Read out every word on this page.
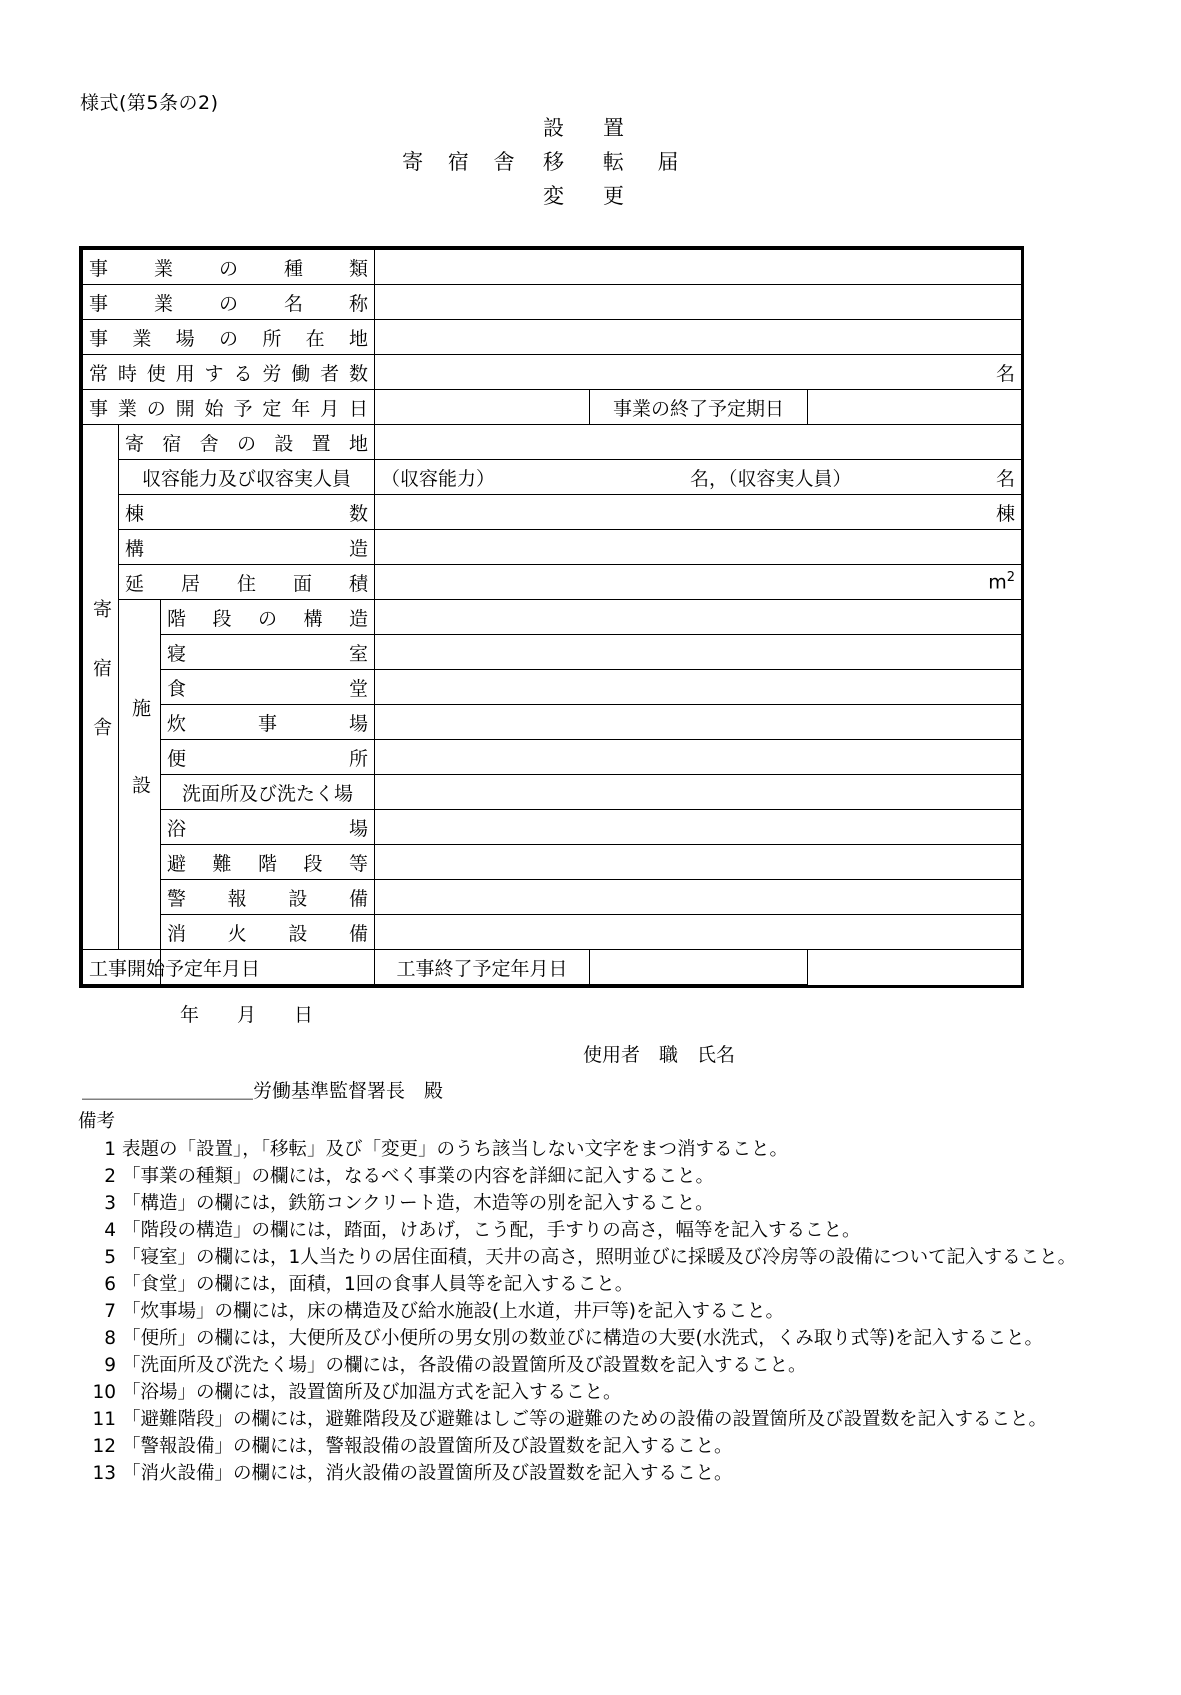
様式(第5条の2)
設　置
寄 宿 舎 移　転	届
変　更
事業の種類					
事業の名称					
事業場の所在地					
常時使用する労働者数			名		
事業の開始予定年月日				事業の終了予定期日	

寄宿舎	寄宿舎の設置地				
	収容能力及び収容実人員		（収容能力） 名，（収容実人員） 名		

	棟数		棟		
	構造				
	延居住面積		$m^2$

	施設	階段の構造			
		寝室			
		食堂			
		炊事場			
		便所			
		洗面所及び洗たく場			
		浴場			
		避難階段等			
		警報設備			
		消火設備			
工事開始予定年月日			工事終了予定年月日		
年　　月　　日
使用者　職　氏名
＿＿＿＿＿＿＿＿＿労働基準監督署長　殿
備考
1 表題の「設置」，「移転」及び「変更」のうち該当しない文字をまつ消すること。
2 「事業の種類」の欄には，なるべく事業の内容を詳細に記入すること。
3 「構造」の欄には，鉄筋コンクリート造，木造等の別を記入すること。
4 「階段の構造」の欄には，踏面，けあげ，こう配，手すりの高さ，幅等を記入すること。
5 「寝室」の欄には，1人当たりの居住面積，天井の高さ，照明並びに採暖及び冷房等の設備について記入すること。
6 「食堂」の欄には，面積，1回の食事人員等を記入すること。
7 「炊事場」の欄には，床の構造及び給水施設(上水道，井戸等)を記入すること。
8 「便所」の欄には，大便所及び小便所の男女別の数並びに構造の大要(水洗式，くみ取り式等)を記入すること。
9 「洗面所及び洗たく場」の欄には，各設備の設置箇所及び設置数を記入すること。
10 「浴場」の欄には，設置箇所及び加温方式を記入すること。
11 「避難階段」の欄には，避難階段及び避難はしご等の避難のための設備の設置箇所及び設置数を記入すること。
12 「警報設備」の欄には，警報設備の設置箇所及び設置数を記入すること。
13 「消火設備」の欄には，消火設備の設置箇所及び設置数を記入すること。
